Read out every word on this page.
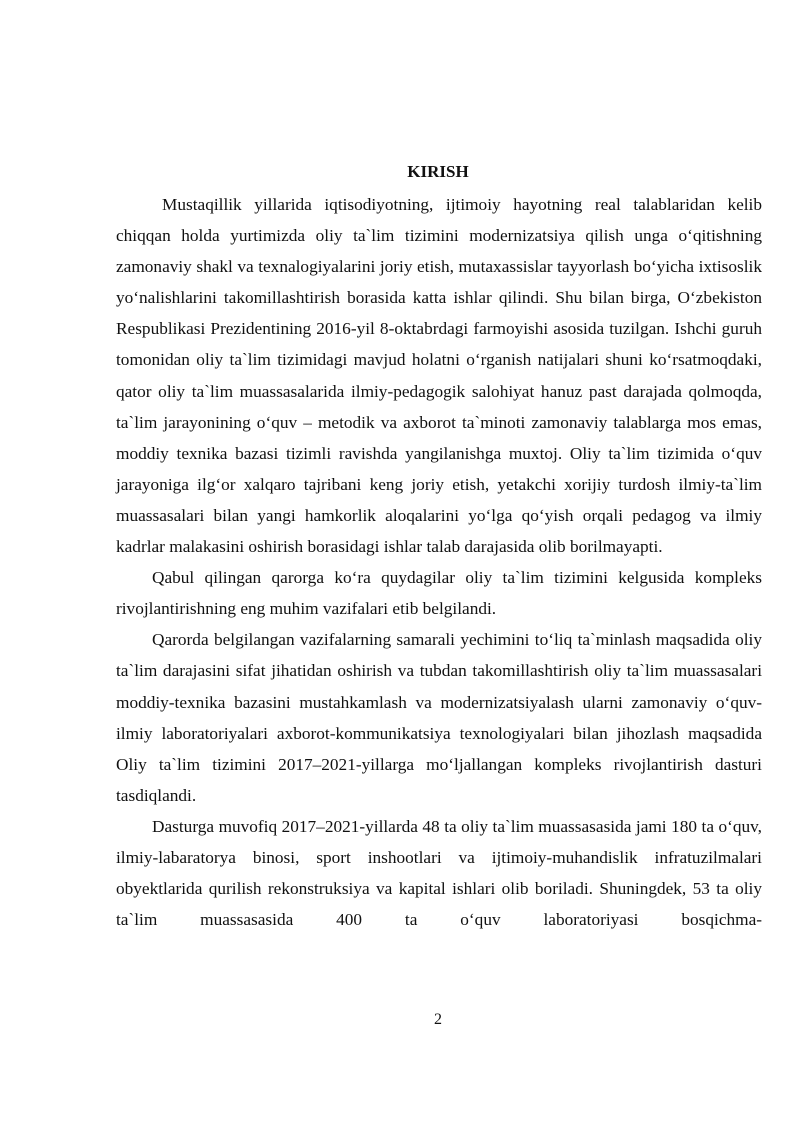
KIRISH

Mustaqillik yillarida iqtisodiyotning, ijtimoiy hayotning real talablaridan kelib chiqqan holda yurtimizda oliy ta`lim tizimini modernizatsiya qilish unga o‘qitishning zamonaviy shakl va texnalogiyalarini joriy etish, mutaxassislar tayyorlash bo‘yicha ixtisoslik yo‘nalishlarini takomillashtirish borasida katta ishlar qilindi. Shu bilan birga, O‘zbekiston Respublikasi Prezidentining 2016-yil 8-oktabrdagi farmoyishi asosida tuzilgan. Ishchi guruh tomonidan oliy ta`lim tizimidagi mavjud holatni o‘rganish natijalari shuni ko‘rsatmoqdaki, qator oliy ta`lim muassasalarida ilmiy-pedagogik salohiyat hanuz past darajada qolmoqda, ta`lim jarayonining o‘quv – metodik va axborot ta`minoti zamonaviy talablarga mos emas, moddiy texnika bazasi tizimli ravishda yangilanishga muxtoj. Oliy ta`lim tizimida o‘quv jarayoniga ilg‘or xalqaro tajribani keng joriy etish, yetakchi xorijiy turdosh ilmiy-ta`lim muassasalari bilan yangi hamkorlik aloqalarini yo‘lga qo‘yish orqali pedagog va ilmiy kadrlar malakasini oshirish borasidagi ishlar talab darajasida olib borilmayapti.

Qabul qilingan qarorga ko‘ra quydagilar oliy ta`lim tizimini kelgusida kompleks rivojlantirishning eng muhim vazifalari etib belgilandi.

Qarorda belgilangan vazifalarning samarali yechimini to‘liq ta`minlash maqsadida oliy ta`lim darajasini sifat jihatidan oshirish va tubdan takomillashtirish oliy ta`lim muassasalari moddiy-texnika bazasini mustahkamlash va modernizatsiyalash ularni zamonaviy o‘quv-ilmiy laboratoriyalari axborot-kommunikatsiya texnologiyalari bilan jihozlash maqsadida Oliy ta`lim tizimini 2017–2021-yillarga mo‘ljallangan kompleks rivojlantirish dasturi tasdiqlandi.

Dasturga muvofiq 2017–2021-yillarda 48 ta oliy ta`lim muassasasida jami 180 ta o‘quv, ilmiy-labaratorya binosi, sport inshootlari va ijtimoiy-muhandislik infratuzilmalari obyektlarida qurilish rekonstruksiya va kapital ishlari olib boriladi. Shuningdek, 53 ta oliy ta`lim muassasasida 400 ta o‘quv laboratoriyasi bosqichma-

2
